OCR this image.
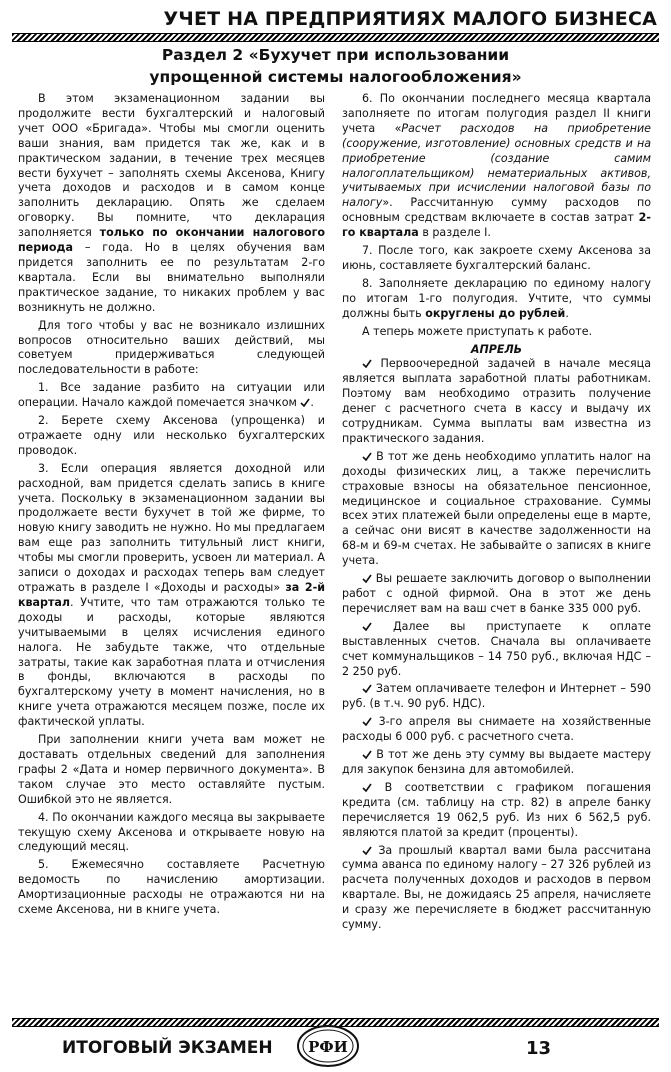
УЧЕТ НА ПРЕДПРИЯТИЯХ МАЛОГО БИЗНЕСА
Раздел 2 «Бухучет при использовании
упрощенной системы налогообложения»

В этом экзаменационном задании вы продолжите вести бухгалтерский и налоговый учет ООО «Бригада». Чтобы мы смогли оценить ваши знания, вам придется так же, как и в практическом задании, в течение трех месяцев вести бухучет – заполнять схемы Аксенова, Книгу учета доходов и расходов и в самом конце заполнить декларацию. Опять же сделаем оговорку. Вы помните, что декларация заполняется только по окончании налогового периода – года. Но в целях обучения вам придется заполнить ее по результатам 2-го квартала. Если вы внимательно выполняли практическое задание, то никаких проблем у вас возникнуть не должно.

Для того чтобы у вас не возникало излишних вопросов относительно ваших действий, мы советуем придерживаться следующей последовательности в работе:

1. Все задание разбито на ситуации или операции. Начало каждой помечается значком .

2. Берете схему Аксенова (упрощенка) и отражаете одну или несколько бухгалтерских проводок.

3. Если операция является доходной или расходной, вам придется сделать запись в книге учета. Поскольку в экзаменационном задании вы продолжаете вести бухучет в той же фирме, то новую книгу заводить не нужно. Но мы предлагаем вам еще раз заполнить титульный лист книги, чтобы мы смогли проверить, усвоен ли материал. А записи о доходах и расходах теперь вам следует отражать в разделе I «Доходы и расходы» за 2-й квартал. Учтите, что там отражаются только те доходы и расходы, которые являются учитываемыми в целях исчисления единого налога. Не забудьте также, что отдельные затраты, такие как заработная плата и отчисления в фонды, включаются в расходы по бухгалтерскому учету в момент начисления, но в книге учета отражаются месяцем позже, после их фактической уплаты.

При заполнении книги учета вам может не доставать отдельных сведений для заполнения графы 2 «Дата и номер первичного документа». В таком случае это место оставляйте пустым. Ошибкой это не является.

4. По окончании каждого месяца вы закрываете текущую схему Аксенова и открываете новую на следующий месяц.

5. Ежемесячно составляете Расчетную ведомость по начислению амортизации. Амортизационные расходы не отражаются ни на схеме Аксенова, ни в книге учета.

6. По окончании последнего месяца квартала заполняете по итогам полугодия раздел II книги учета «Расчет расходов на приобретение (сооружение, изготовление) основных средств и на приобретение (создание самим налогоплательщиком) нематериальных активов, учитываемых при исчислении налоговой базы по налогу». Рассчитанную сумму расходов по основным средствам включаете в состав затрат 2-го квартала в разделе I.

7. После того, как закроете схему Аксенова за июнь, составляете бухгалтерский баланс.

8. Заполняете декларацию по единому налогу по итогам 1-го полугодия. Учтите, что суммы должны быть округлены до рублей.

А теперь можете приступать к работе.

АПРЕЛЬ

Первоочередной задачей в начале месяца является выплата заработной платы работникам. Поэтому вам необходимо отразить получение денег с расчетного счета в кассу и выдачу их сотрудникам. Сумма выплаты вам известна из практического задания.

В тот же день необходимо уплатить налог на доходы физических лиц, а также перечислить страховые взносы на обязательное пенсионное, медицинское и социальное страхование. Суммы всех этих платежей были определены еще в марте, а сейчас они висят в качестве задолженности на 68-м и 69-м счетах. Не забывайте о записях в книге учета.

Вы решаете заключить договор о выполнении работ с одной фирмой. Она в этот же день перечисляет вам на ваш счет в банке 335 000 руб.

Далее вы приступаете к оплате выставленных счетов. Сначала вы оплачиваете счет коммунальщиков – 14 750 руб., включая НДС – 2 250 руб.

Затем оплачиваете телефон и Интернет – 590 руб. (в т.ч. 90 руб. НДС).

3-го апреля вы снимаете на хозяйственные расходы 6 000 руб. с расчетного счета.

В тот же день эту сумму вы выдаете мастеру для закупок бензина для автомобилей.

В соответствии с графиком погашения кредита (см. таблицу на стр. 82) в апреле банку перечисляется 19 062,5 руб. Из них 6 562,5 руб. являются платой за кредит (проценты).

За прошлый квартал вами была рассчитана сумма аванса по единому налогу – 27 326 рублей из расчета полученных доходов и расходов в первом квартале. Вы, не дожидаясь 25 апреля, начисляете и сразу же перечисляете в бюджет рассчитанную сумму.

ИТОГОВЫЙ ЭКЗАМЕН РФИ	13
